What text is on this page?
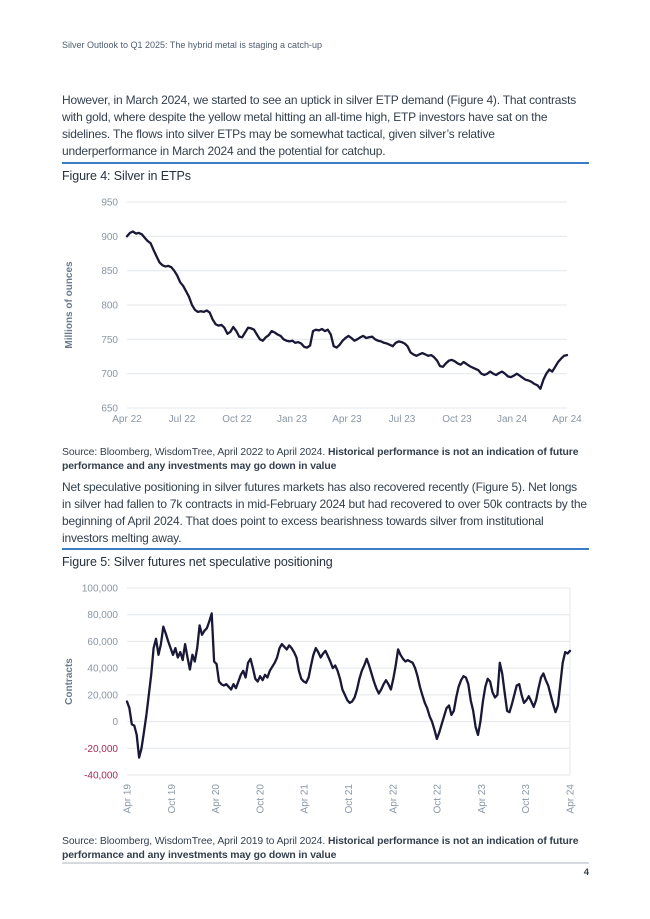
Silver Outlook to Q1 2025: The hybrid metal is staging a catch-up

However, in March 2024, we started to see an uptick in silver ETP demand (Figure 4). That contrasts with gold, where despite the yellow metal hitting an all-time high, ETP investors have sat on the sidelines. The flows into silver ETPs may be somewhat tactical, given silver’s relative underperformance in March 2024 and the potential for catchup.

Figure 4: Silver in ETPs
950
900
850
800
750
700
650
Apr 22	Jul 22	Oct 22	Jan 23	Apr 23	Jul 23	Oct 23	Jan 24	Apr 24
Millions of ounces
Source: Bloomberg, WisdomTree, April 2022 to April 2024. Historical performance is not an indication of future performance and any investments may go down in value

Net speculative positioning in silver futures markets has also recovered recently (Figure 5). Net longs in silver had fallen to 7k contracts in mid-February 2024 but had recovered to over 50k contracts by the beginning of April 2024. That does point to excess bearishness towards silver from institutional investors melting away.

Figure 5: Silver futures net speculative positioning
100,000
80,000
60,000
40,000
20,000
0
-20,000
-40,000
Apr 19	Oct 19	Apr 20	Oct 20	Apr 21	Oct 21	Apr 22	Oct 22	Apr 23	Oct 23	Apr 24
Contracts
Source: Bloomberg, WisdomTree, April 2019 to April 2024. Historical performance is not an indication of future performance and any investments may go down in value
4
